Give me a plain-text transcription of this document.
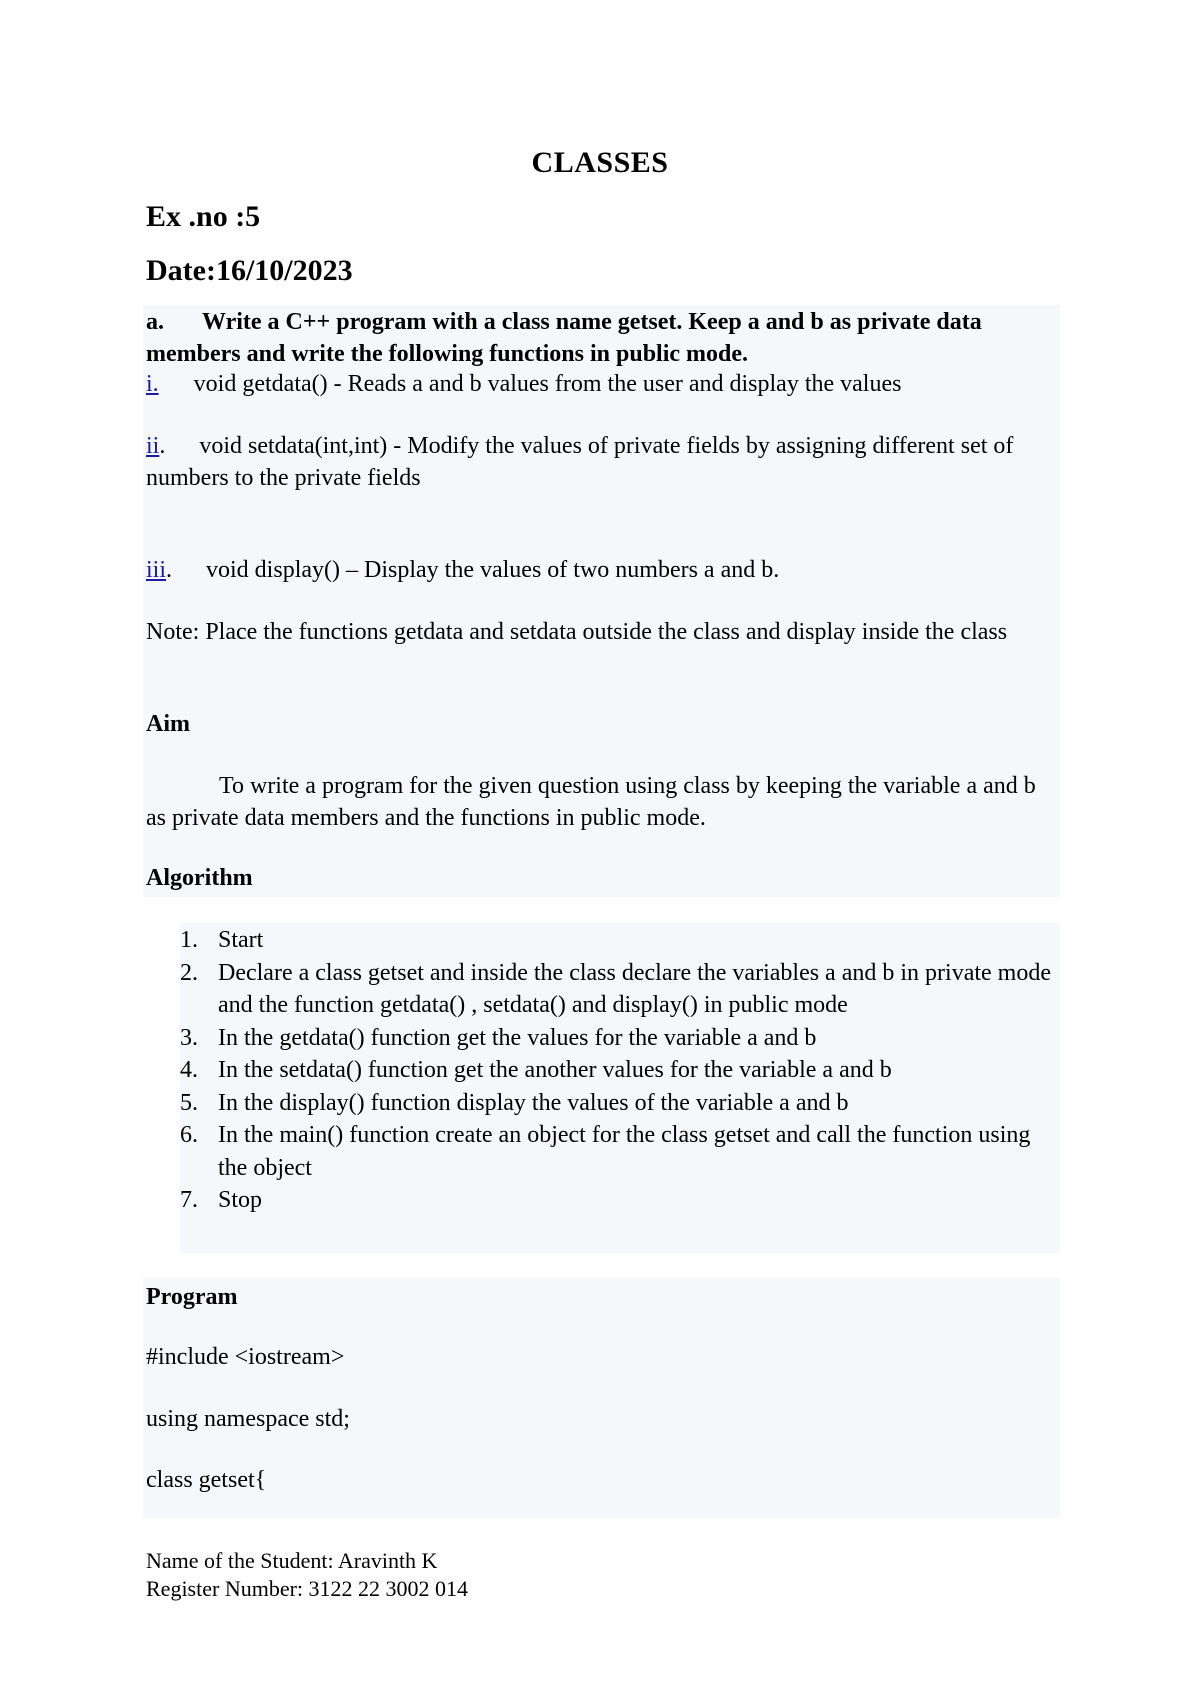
CLASSES
Ex .no :5
Date:16/10/2023
a. Write a C++ program with a class name getset. Keep a and b as private data members and write the following functions in public mode.
i. void getdata() - Reads a and b values from the user and display the values
ii. void setdata(int,int) - Modify the values of private fields by assigning different set of numbers to the private fields
iii. void display() – Display the values of two numbers a and b.
Note: Place the functions getdata and setdata outside the class and display inside the class
Aim
To write a program for the given question using class by keeping the variable a and b as private data members and the functions in public mode.
Algorithm
1. Start
2. Declare a class getset and inside the class declare the variables a and b in private mode and the function getdata() , setdata() and display() in public mode
3. In the getdata() function get the values for the variable a and b
4. In the setdata() function get the another values for the variable a and b
5. In the display() function display the values of the variable a and b
6. In the main() function create an object for the class getset and call the function using the object
7. Stop
Program
#include <iostream>
using namespace std;
class getset{
Name of the Student: Aravinth K
Register Number: 3122 22 3002 014
